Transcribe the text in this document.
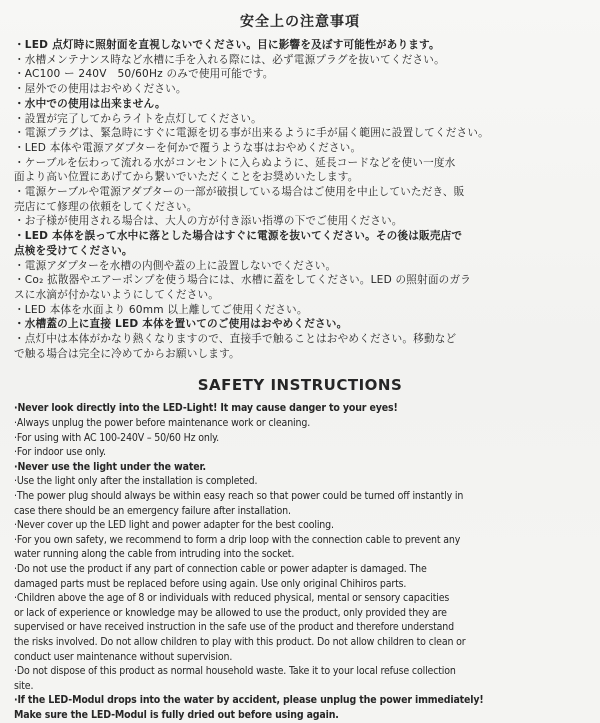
安全上の注意事項
・LED 点灯時に照射面を直視しないでください。目に影響を及ぼす可能性があります。
・水槽メンテナンス時など水槽に手を入れる際には、必ず電源プラグを抜いてください。
・AC100 ー 240V　50/60Hz のみで使用可能です。
・屋外での使用はおやめください。
・水中での使用は出来ません。
・設置が完了してからライトを点灯してください。
・電源プラグは、緊急時にすぐに電源を切る事が出来るように手が届く範囲に設置してください。
・LED 本体や電源アダプターを何かで覆うような事はおやめください。
・ケーブルを伝わって流れる水がコンセントに入らぬように、延長コードなどを使い一度水
面より高い位置にあげてから繋いでいただくことをお奨めいたします。
・電源ケーブルや電源アダプターの一部が破損している場合はご使用を中止していただき、販
売店にて修理の依頼をしてください。
・お子様が使用される場合は、大人の方が付き添い指導の下でご使用ください。
・LED 本体を誤って水中に落とした場合はすぐに電源を抜いてください。その後は販売店で
点検を受けてください。
・電源アダプターを水槽の内側や蓋の上に設置しないでください。
・Co₂ 拡散器やエアーポンプを使う場合には、水槽に蓋をしてください。LED の照射面のガラ
スに水滴が付かないようにしてください。
・LED 本体を水面より 60mm 以上離してご使用ください。
・水槽蓋の上に直接 LED 本体を置いてのご使用はおやめください。
・点灯中は本体がかなり熱くなりますので、直接手で触ることはおやめください。移動など
で触る場合は完全に冷めてからお願いします。
SAFETY INSTRUCTIONS
·Never look directly into the LED-Light! It may cause danger to your eyes!
·Always unplug the power before maintenance work or cleaning.
·For using with AC 100-240V – 50/60 Hz only.
·For indoor use only.
·Never use the light under the water.
·Use the light only after the installation is completed.
·The power plug should always be within easy reach so that power could be turned off instantly in
case there should be an emergency failure after installation.
·Never cover up the LED light and power adapter for the best cooling.
·For you own safety, we recommend to form a drip loop with the connection cable to prevent any
water running along the cable from intruding into the socket.
·Do not use the product if any part of connection cable or power adapter is damaged. The
damaged parts must be replaced before using again. Use only original Chihiros parts.
·Children above the age of 8 or individuals with reduced physical, mental or sensory capacities
or lack of experience or knowledge may be allowed to use the product, only provided they are
supervised or have received instruction in the safe use of the product and therefore understand
the risks involved. Do not allow children to play with this product. Do not allow children to clean or
conduct user maintenance without supervision.
·Do not dispose of this product as normal household waste. Take it to your local refuse collection
site.
·If the LED-Modul drops into the water by accident, please unplug the power immediately!
Make sure the LED-Modul is fully dried out before using again.
